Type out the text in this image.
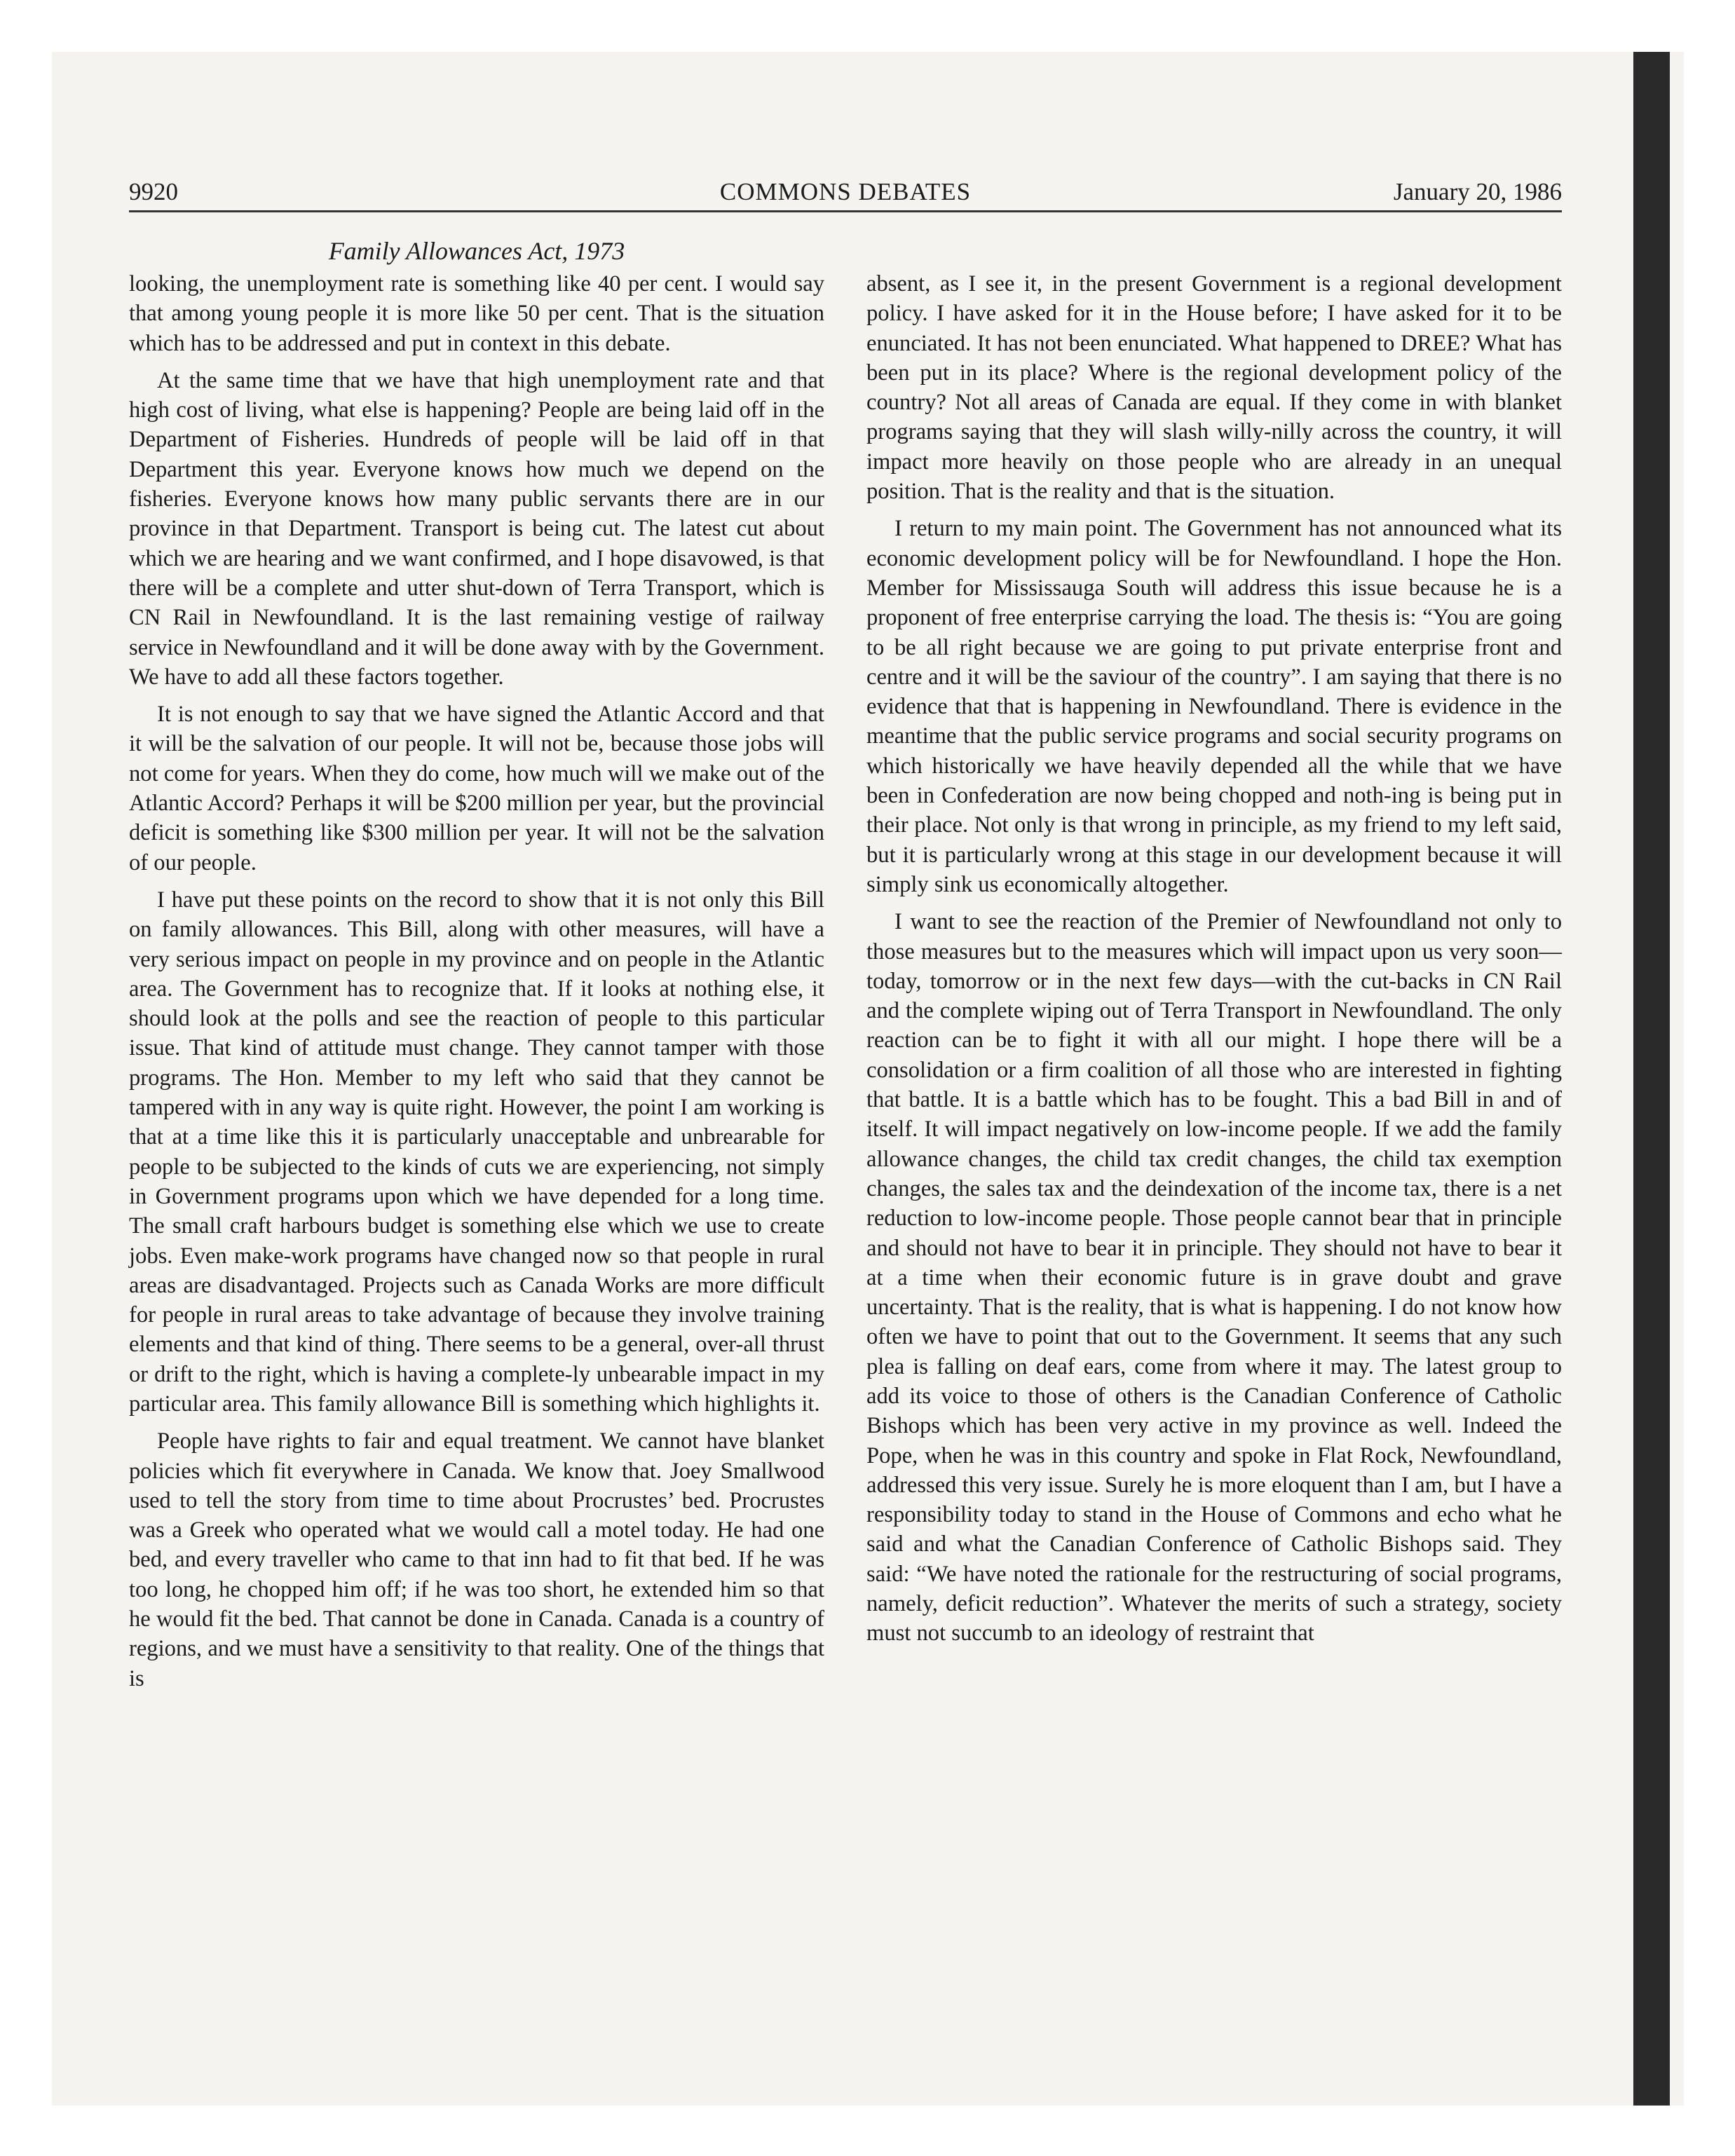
9920	COMMONS DEBATES	January 20, 1986
Family Allowances Act, 1973

looking, the unemployment rate is something like 40 per cent. I would say that among young people it is more like 50 per cent. That is the situation which has to be addressed and put in context in this debate.

At the same time that we have that high unemployment rate and that high cost of living, what else is happening? People are being laid off in the Department of Fisheries. Hundreds of people will be laid off in that Department this year. Everyone knows how much we depend on the fisheries. Everyone knows how many public servants there are in our province in that Department. Transport is being cut. The latest cut about which we are hearing and we want confirmed, and I hope disavowed, is that there will be a complete and utter shut-down of Terra Transport, which is CN Rail in Newfoundland. It is the last remaining vestige of railway service in Newfoundland and it will be done away with by the Government. We have to add all these factors together.

It is not enough to say that we have signed the Atlantic Accord and that it will be the salvation of our people. It will not be, because those jobs will not come for years. When they do come, how much will we make out of the Atlantic Accord? Perhaps it will be $200 million per year, but the provincial deficit is something like $300 million per year. It will not be the salvation of our people.

I have put these points on the record to show that it is not only this Bill on family allowances. This Bill, along with other measures, will have a very serious impact on people in my province and on people in the Atlantic area. The Government has to recognize that. If it looks at nothing else, it should look at the polls and see the reaction of people to this particular issue. That kind of attitude must change. They cannot tamper with those programs. The Hon. Member to my left who said that they cannot be tampered with in any way is quite right. However, the point I am working is that at a time like this it is particularly unacceptable and unbrearable for people to be subjected to the kinds of cuts we are experiencing, not simply in Government programs upon which we have depended for a long time. The small craft harbours budget is something else which we use to create jobs. Even make-work programs have changed now so that people in rural areas are disadvantaged. Projects such as Canada Works are more difficult for people in rural areas to take advantage of because they involve training elements and that kind of thing. There seems to be a general, over-all thrust or drift to the right, which is having a complete-ly unbearable impact in my particular area. This family allowance Bill is something which highlights it.

People have rights to fair and equal treatment. We cannot have blanket policies which fit everywhere in Canada. We know that. Joey Smallwood used to tell the story from time to time about Procrustes’ bed. Procrustes was a Greek who operated what we would call a motel today. He had one bed, and every traveller who came to that inn had to fit that bed. If he was too long, he chopped him off; if he was too short, he extended him so that he would fit the bed. That cannot be done in Canada. Canada is a country of regions, and we must have a sensitivity to that reality. One of the things that is

absent, as I see it, in the present Government is a regional development policy. I have asked for it in the House before; I have asked for it to be enunciated. It has not been enunciated. What happened to DREE? What has been put in its place? Where is the regional development policy of the country? Not all areas of Canada are equal. If they come in with blanket programs saying that they will slash willy-nilly across the country, it will impact more heavily on those people who are already in an unequal position. That is the reality and that is the situation.

I return to my main point. The Government has not announced what its economic development policy will be for Newfoundland. I hope the Hon. Member for Mississauga South will address this issue because he is a proponent of free enterprise carrying the load. The thesis is: “You are going to be all right because we are going to put private enterprise front and centre and it will be the saviour of the country”. I am saying that there is no evidence that that is happening in Newfoundland. There is evidence in the meantime that the public service programs and social security programs on which historically we have heavily depended all the while that we have been in Confederation are now being chopped and noth-ing is being put in their place. Not only is that wrong in principle, as my friend to my left said, but it is particularly wrong at this stage in our development because it will simply sink us economically altogether.

I want to see the reaction of the Premier of Newfoundland not only to those measures but to the measures which will impact upon us very soon—today, tomorrow or in the next few days—with the cut-backs in CN Rail and the complete wiping out of Terra Transport in Newfoundland. The only reaction can be to fight it with all our might. I hope there will be a consolidation or a firm coalition of all those who are interested in fighting that battle. It is a battle which has to be fought. This a bad Bill in and of itself. It will impact negatively on low-income people. If we add the family allowance changes, the child tax credit changes, the child tax exemption changes, the sales tax and the deindexation of the income tax, there is a net reduction to low-income people. Those people cannot bear that in principle and should not have to bear it in principle. They should not have to bear it at a time when their economic future is in grave doubt and grave uncertainty. That is the reality, that is what is happening. I do not know how often we have to point that out to the Government. It seems that any such plea is falling on deaf ears, come from where it may. The latest group to add its voice to those of others is the Canadian Conference of Catholic Bishops which has been very active in my province as well. Indeed the Pope, when he was in this country and spoke in Flat Rock, Newfoundland, addressed this very issue. Surely he is more eloquent than I am, but I have a responsibility today to stand in the House of Commons and echo what he said and what the Canadian Conference of Catholic Bishops said. They said: “We have noted the rationale for the restructuring of social programs, namely, deficit reduction”. Whatever the merits of such a strategy, society must not succumb to an ideology of restraint that
